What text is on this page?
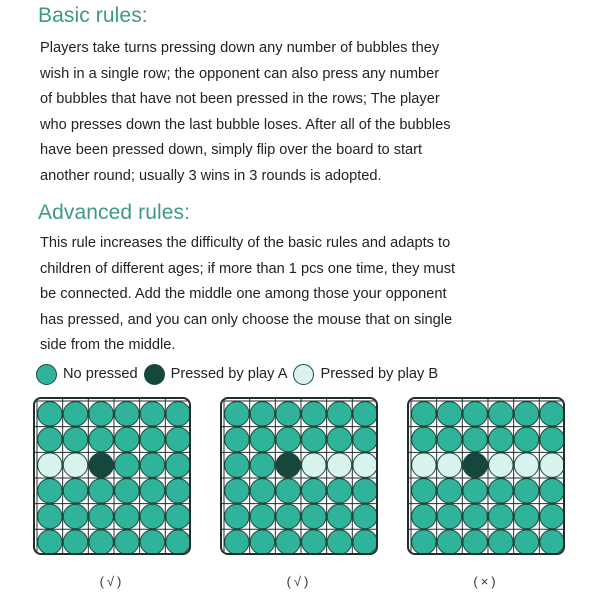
Basic rules:

Players take turns pressing down any number of bubbles they
wish in a single row; the opponent can also press any number
of bubbles that have not been pressed in the rows; The player
who presses down the last bubble loses. After all of the bubbles
have been pressed down, simply flip over the board to start
another round; usually 3 wins in 3 rounds is adopted.

Advanced rules:

This rule increases the difficulty of the basic rules and adapts to
children of different ages; if more than 1 pcs one time, they must
be connected. Add the middle one among those your opponent
has pressed, and you can only choose the mouse that on single
side from the middle.

No pressed Pressed by play A Pressed by play B
(√)	(√)	(×)
